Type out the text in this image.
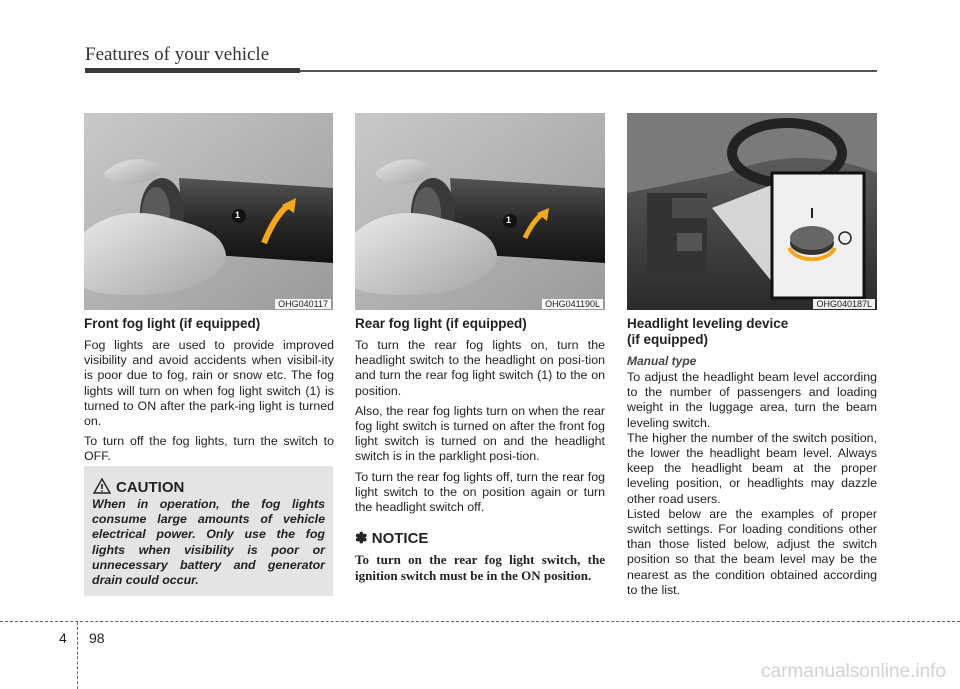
Features of your vehicle
1
OHG040117
1
OHG041190L	OHG040187L
Front fog light (if equipped)
Fog lights are used to provide improved visibility and avoid accidents when visibil-ity is poor due to fog, rain or snow etc. The fog lights will turn on when fog light switch (1) is turned to ON after the park-ing light is turned on.
To turn off the fog lights, turn the switch to OFF.
CAUTION
When in operation, the fog lights consume large amounts of vehicle electrical power. Only use the fog lights when visibility is poor or unnecessary battery and generator drain could occur.
Rear fog light (if equipped)
To turn the rear fog lights on, turn the headlight switch to the headlight on posi-tion and turn the rear fog light switch (1) to the on position.
Also, the rear fog lights turn on when the rear fog light switch is turned on after the front fog light switch is turned on and the headlight switch is in the parklight posi-tion.
To turn the rear fog lights off, turn the rear fog light switch to the on position again or turn the headlight switch off.
✽ NOTICE
To turn on the rear fog light switch, the ignition switch must be in the ON position.
Headlight leveling device
(if equipped)
Manual type
To adjust the headlight beam level according to the number of passengers and loading weight in the luggage area, turn the beam leveling switch.
The higher the number of the switch position, the lower the headlight beam level. Always keep the headlight beam at the proper leveling position, or headlights may dazzle other road users.
Listed below are the examples of proper switch settings. For loading conditions other than those listed below, adjust the switch position so that the beam level may be the nearest as the condition obtained according to the list.
4 98
carmanualsonline.info
